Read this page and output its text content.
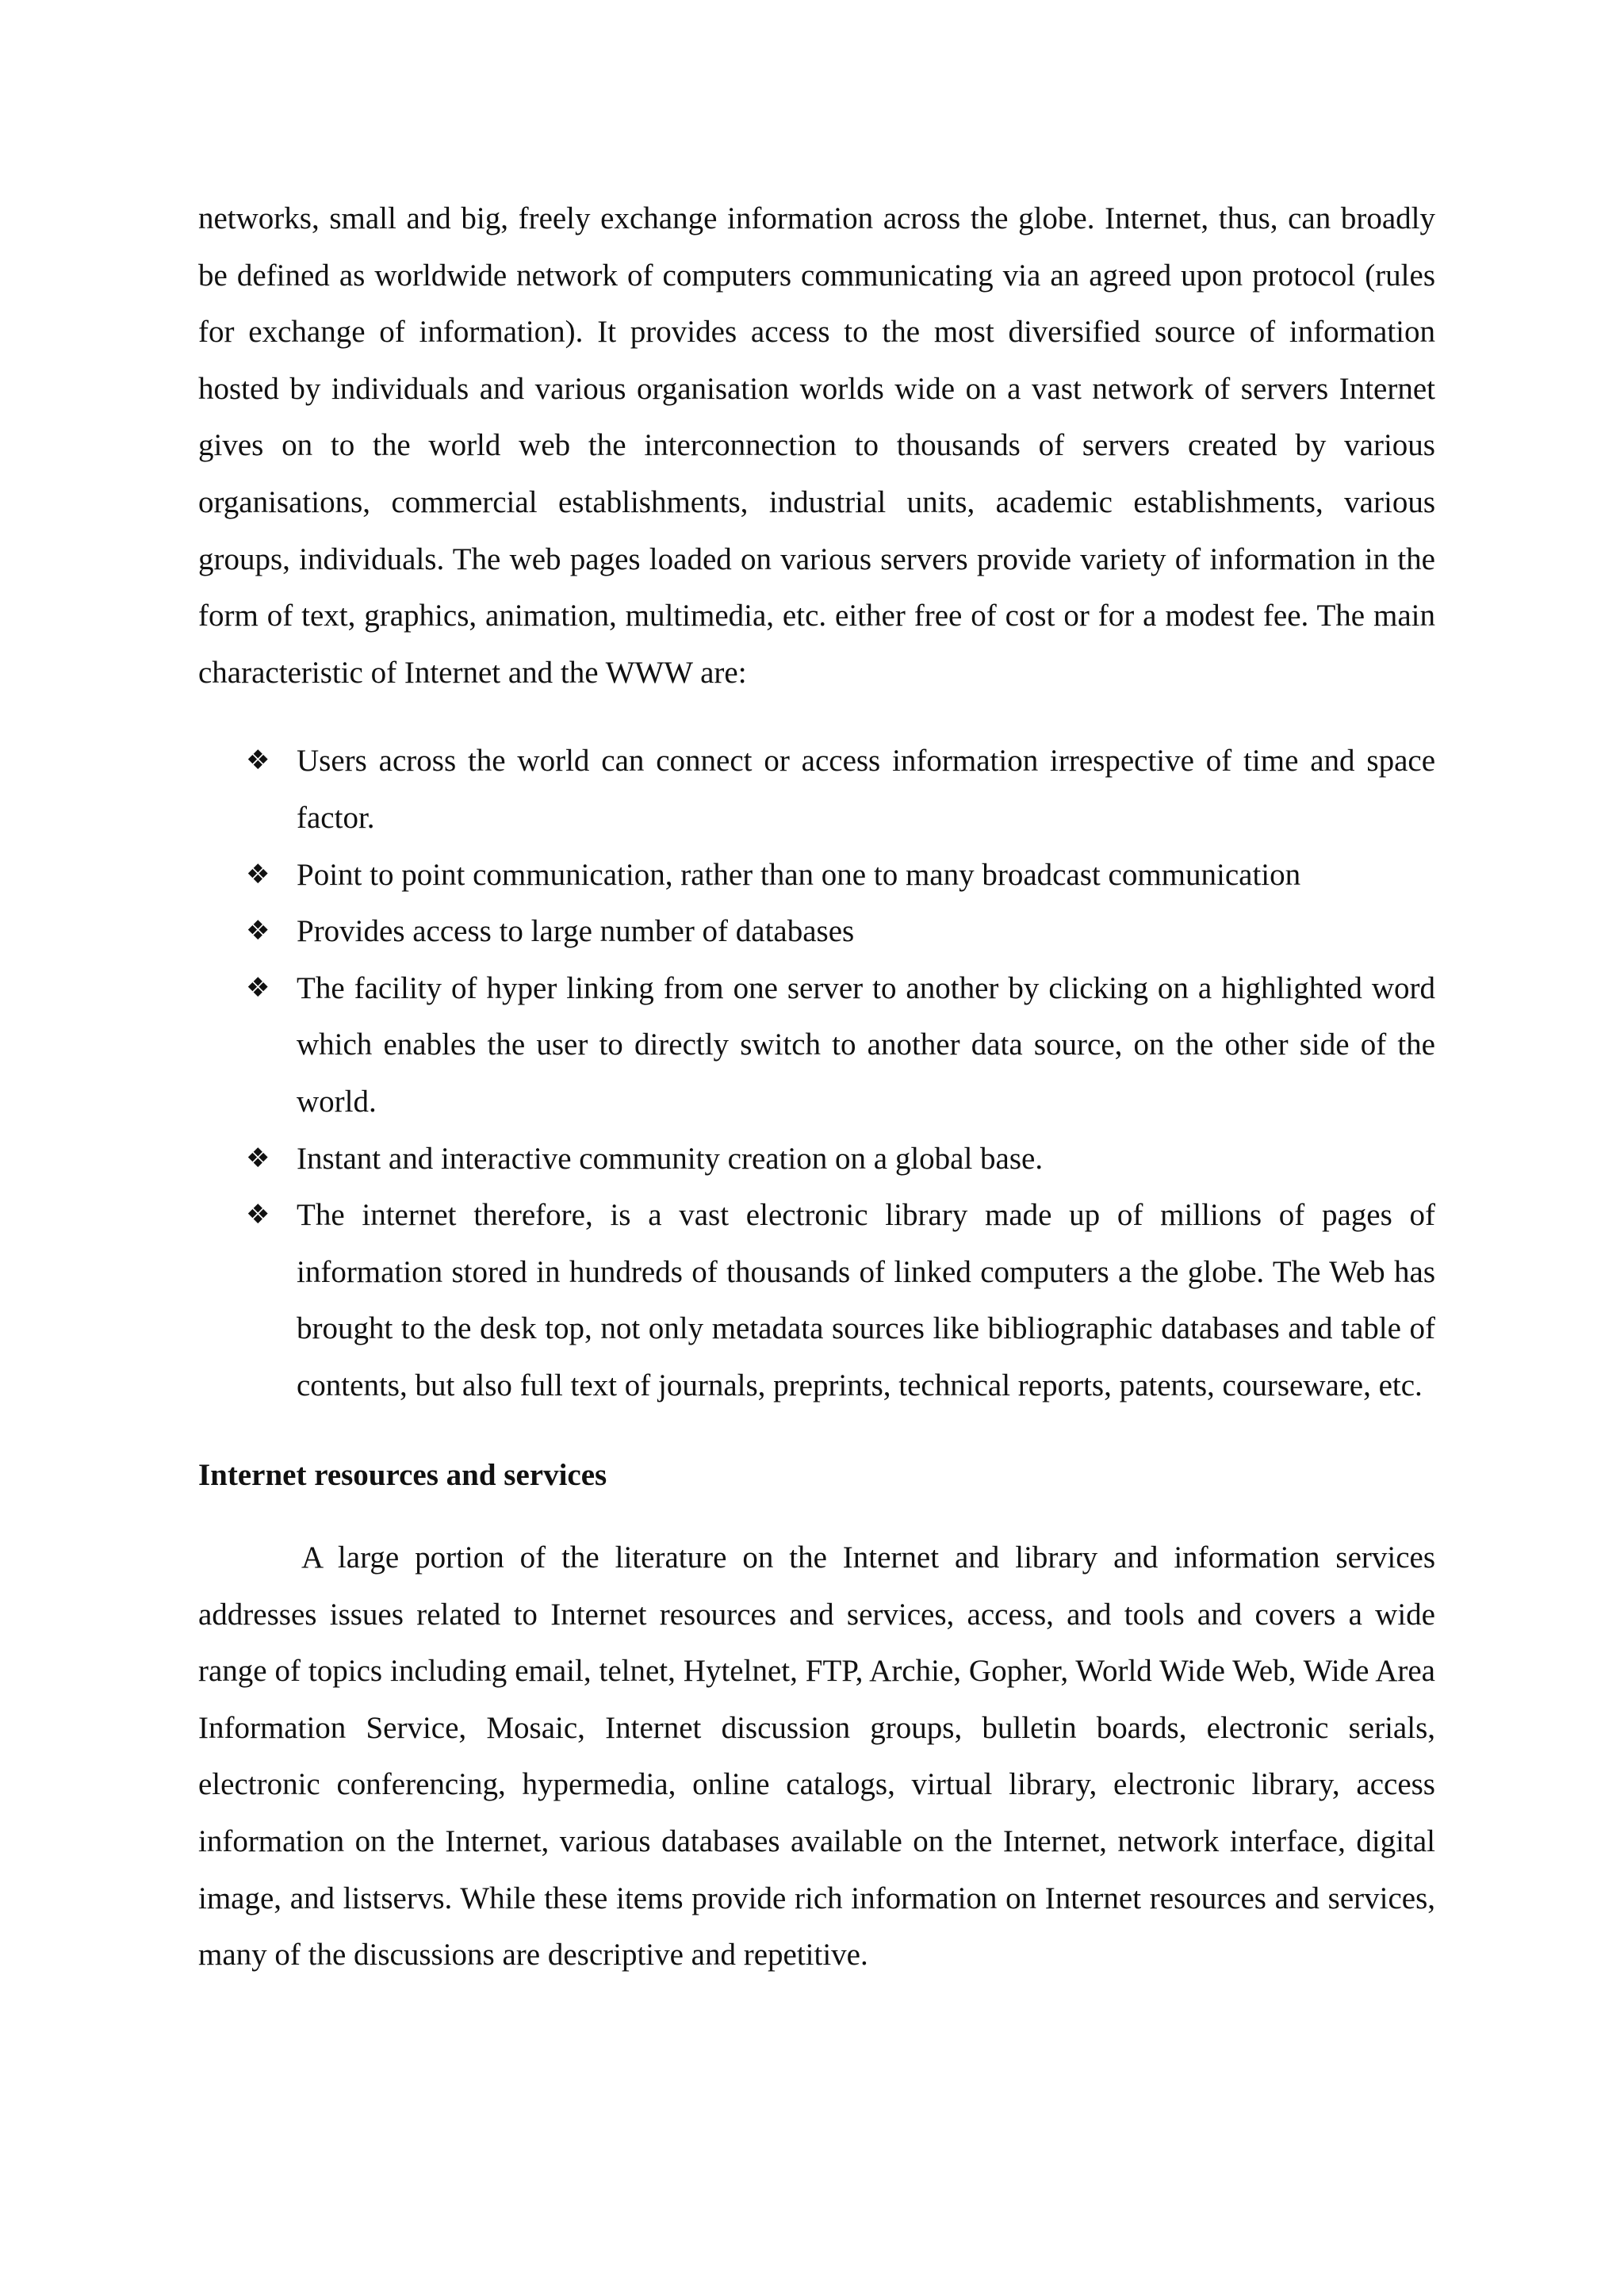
networks, small and big, freely exchange information across the globe. Internet, thus, can broadly be defined as worldwide network of computers communicating via an agreed upon protocol (rules for exchange of information). It provides access to the most diversified source of information hosted by individuals and various organisation worlds wide on a vast network of servers Internet gives on to the world web the interconnection to thousands of servers created by various organisations, commercial establishments, industrial units, academic establishments, various groups, individuals. The web pages loaded on various servers provide variety of information in the form of text, graphics, animation, multimedia, etc. either free of cost or for a modest fee. The main characteristic of Internet and the WWW are:

❖ Users across the world can connect or access information irrespective of time and space factor.
❖ Point to point communication, rather than one to many broadcast communication
❖ Provides access to large number of databases
❖ The facility of hyper linking from one server to another by clicking on a highlighted word which enables the user to directly switch to another data source, on the other side of the world.
❖ Instant and interactive community creation on a global base.
❖ The internet therefore, is a vast electronic library made up of millions of pages of information stored in hundreds of thousands of linked computers a the globe. The Web has brought to the desk top, not only metadata sources like bibliographic databases and table of contents, but also full text of journals, preprints, technical reports, patents, courseware, etc.
Internet resources and services

A large portion of the literature on the Internet and library and information services addresses issues related to Internet resources and services, access, and tools and covers a wide range of topics including email, telnet, Hytelnet, FTP, Archie, Gopher, World Wide Web, Wide Area Information Service, Mosaic, Internet discussion groups, bulletin boards, electronic serials, electronic conferencing, hypermedia, online catalogs, virtual library, electronic library, access information on the Internet, various databases available on the Internet, network interface, digital image, and listservs. While these items provide rich information on Internet resources and services, many of the discussions are descriptive and repetitive.
